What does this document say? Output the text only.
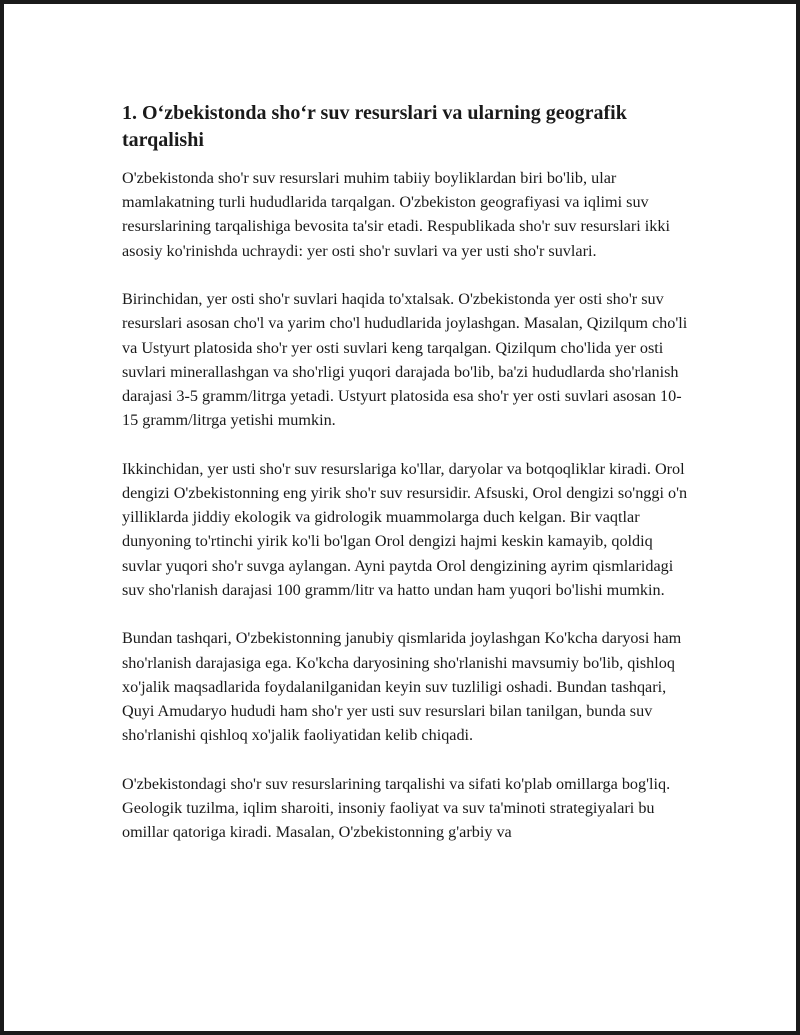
1. O‘zbekistonda sho‘r suv resurslari va ularning geografik tarqalishi

O'zbekistonda sho'r suv resurslari muhim tabiiy boyliklardan biri bo'lib, ular mamlakatning turli hududlarida tarqalgan. O'zbekiston geografiyasi va iqlimi suv resurslarining tarqalishiga bevosita ta'sir etadi. Respublikada sho'r suv resurslari ikki asosiy ko'rinishda uchraydi: yer osti sho'r suvlari va yer usti sho'r suvlari.

Birinchidan, yer osti sho'r suvlari haqida to'xtalsak. O'zbekistonda yer osti sho'r suv resurslari asosan cho'l va yarim cho'l hududlarida joylashgan. Masalan, Qizilqum cho'li va Ustyurt platosida sho'r yer osti suvlari keng tarqalgan. Qizilqum cho'lida yer osti suvlari minerallashgan va sho'rligi yuqori darajada bo'lib, ba'zi hududlarda sho'rlanish darajasi 3-5 gramm/litrga yetadi. Ustyurt platosida esa sho'r yer osti suvlari asosan 10-15 gramm/litrga yetishi mumkin.

Ikkinchidan, yer usti sho'r suv resurslariga ko'llar, daryolar va botqoqliklar kiradi. Orol dengizi O'zbekistonning eng yirik sho'r suv resursidir. Afsuski, Orol dengizi so'nggi o'n yilliklarda jiddiy ekologik va gidrologik muammolarga duch kelgan. Bir vaqtlar dunyoning to'rtinchi yirik ko'li bo'lgan Orol dengizi hajmi keskin kamayib, qoldiq suvlar yuqori sho'r suvga aylangan. Ayni paytda Orol dengizining ayrim qismlaridagi suv sho'rlanish darajasi 100 gramm/litr va hatto undan ham yuqori bo'lishi mumkin.

Bundan tashqari, O'zbekistonning janubiy qismlarida joylashgan Ko'kcha daryosi ham sho'rlanish darajasiga ega. Ko'kcha daryosining sho'rlanishi mavsumiy bo'lib, qishloq xo'jalik maqsadlarida foydalanilganidan keyin suv tuzliligi oshadi. Bundan tashqari, Quyi Amudaryo hududi ham sho'r yer usti suv resurslari bilan tanilgan, bunda suv sho'rlanishi qishloq xo'jalik faoliyatidan kelib chiqadi.

O'zbekistondagi sho'r suv resurslarining tarqalishi va sifati ko'plab omillarga bog'liq. Geologik tuzilma, iqlim sharoiti, insoniy faoliyat va suv ta'minoti strategiyalari bu omillar qatoriga kiradi. Masalan, O'zbekistonning g'arbiy va
